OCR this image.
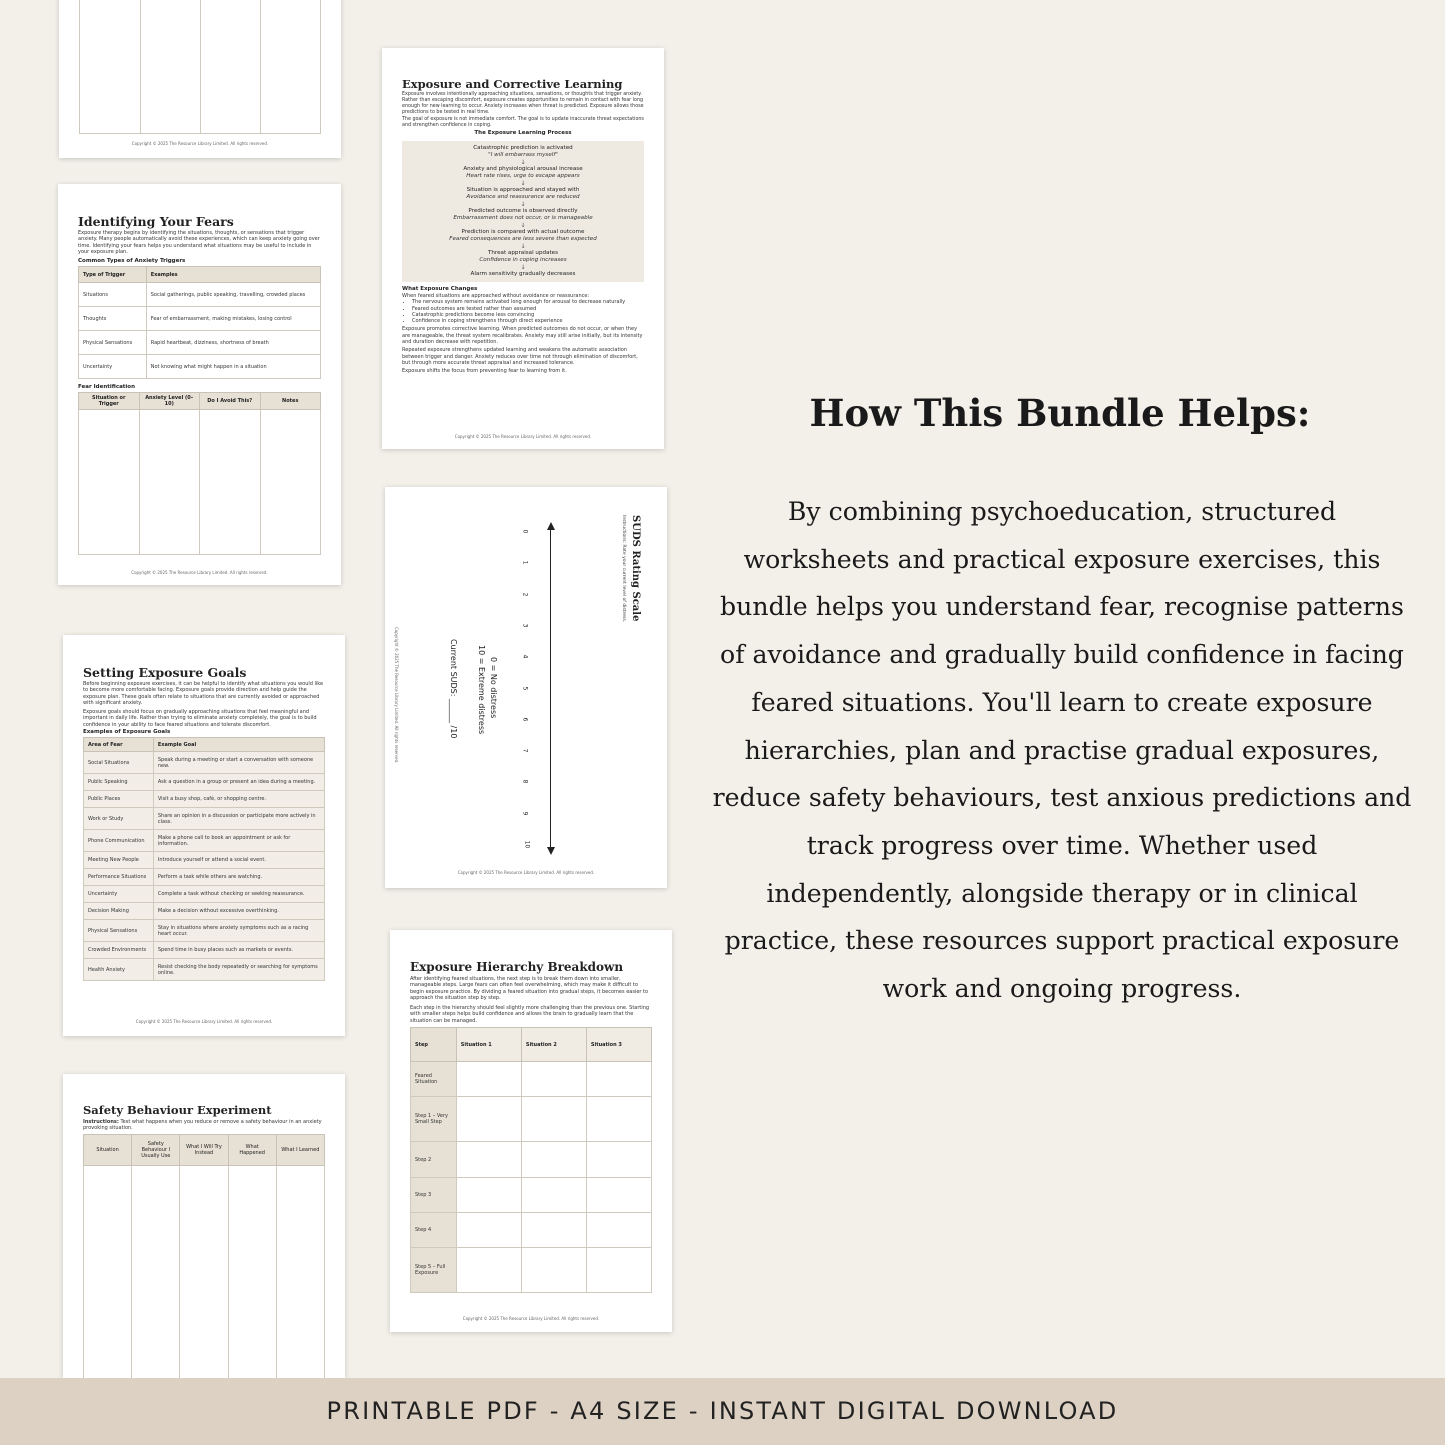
Copyright © 2025 The Resource Library Limited. All rights reserved.
Identifying Your Fears
Exposure therapy begins by identifying the situations, thoughts, or sensations that trigger anxiety. Many people automatically avoid these experiences, which can keep anxiety going over time. Identifying your fears helps you understand what situations may be useful to include in your exposure plan.
Common Types of Anxiety Triggers
Type of Trigger	Examples
Situations	Social gatherings, public speaking, travelling, crowded places
Thoughts	Fear of embarrassment, making mistakes, losing control
Physical Sensations	Rapid heartbeat, dizziness, shortness of breath
Uncertainty	Not knowing what might happen in a situation
Fear Identification
Situation or Trigger	Anxiety Level (0–10)	Do I Avoid This?	Notes

Copyright © 2025 The Resource Library Limited. All rights reserved.
Setting Exposure Goals
Before beginning exposure exercises, it can be helpful to identify what situations you would like to become more comfortable facing. Exposure goals provide direction and help guide the exposure plan. These goals often relate to situations that are currently avoided or approached with significant anxiety.
Exposure goals should focus on gradually approaching situations that feel meaningful and important in daily life. Rather than trying to eliminate anxiety completely, the goal is to build confidence in your ability to face feared situations and tolerate discomfort.
Examples of Exposure Goals
Area of Fear	Example Goal
Social Situations	Speak during a meeting or start a conversation with someone new.
Public Speaking	Ask a question in a group or present an idea during a meeting.
Public Places	Visit a busy shop, café, or shopping centre.
Work or Study	Share an opinion in a discussion or participate more actively in class.
Phone Communication	Make a phone call to book an appointment or ask for information.
Meeting New People	Introduce yourself or attend a social event.
Performance Situations	Perform a task while others are watching.
Uncertainty	Complete a task without checking or seeking reassurance.
Decision Making	Make a decision without excessive overthinking.
Physical Sensations	Stay in situations where anxiety symptoms such as a racing heart occur.
Crowded Environments	Spend time in busy places such as markets or events.
Health Anxiety	Resist checking the body repeatedly or searching for symptoms online.
Copyright © 2025 The Resource Library Limited. All rights reserved.
Safety Behaviour Experiment
Instructions: Test what happens when you reduce or remove a safety behaviour in an anxiety provoking situation.
Situation	Safety Behaviour I Usually Use	What I Will Try Instead	What Happened	What I Learned

Exposure and Corrective Learning
Exposure involves intentionally approaching situations, sensations, or thoughts that trigger anxiety. Rather than escaping discomfort, exposure creates opportunities to remain in contact with fear long enough for new learning to occur. Anxiety increases when threat is predicted. Exposure allows those predictions to be tested in real time.
The goal of exposure is not immediate comfort. The goal is to update inaccurate threat expectations and strengthen confidence in coping.
The Exposure Learning Process
Catastrophic prediction is activated
"I will embarrass myself"
↓
Anxiety and physiological arousal increase
Heart rate rises, urge to escape appears
↓
Situation is approached and stayed with
Avoidance and reassurance are reduced
↓
Predicted outcome is observed directly
Embarrassment does not occur, or is manageable
↓
Prediction is compared with actual outcome
Feared consequences are less severe than expected
↓
Threat appraisal updates
Confidence in coping increases
↓
Alarm sensitivity gradually decreases
What Exposure Changes
When feared situations are approached without avoidance or reassurance:
• The nervous system remains activated long enough for arousal to decrease naturally
• Feared outcomes are tested rather than assumed
• Catastrophic predictions become less convincing
• Confidence in coping strengthens through direct experience
Exposure promotes corrective learning. When predicted outcomes do not occur, or when they are manageable, the threat system recalibrates. Anxiety may still arise initially, but its intensity and duration decrease with repetition.
Repeated exposure strengthens updated learning and weakens the automatic association between trigger and danger. Anxiety reduces over time not through elimination of discomfort, but through more accurate threat appraisal and increased tolerance.
Exposure shifts the focus from preventing fear to learning from it.
Copyright © 2025 The Resource Library Limited. All rights reserved.
SUDS Rating Scale
Instructions: Rate your current level of distress.
0
1
2
3
4
5
6
7
8
9
10
0 = No distress
10 = Extreme distress
Current SUDS: ______ /10
Copyright © 2025 The Resource Library Limited. All rights reserved.
Copyright © 2025 The Resource Library Limited. All rights reserved.
Exposure Hierarchy Breakdown
After identifying feared situations, the next step is to break them down into smaller, manageable steps. Large fears can often feel overwhelming, which may make it difficult to begin exposure practice. By dividing a feared situation into gradual steps, it becomes easier to approach the situation step by step.
Each step in the hierarchy should feel slightly more challenging than the previous one. Starting with smaller steps helps build confidence and allows the brain to gradually learn that the situation can be managed.
Step	Situation 1	Situation 2	Situation 3
Feared Situation			
Step 1 – Very Small Step			
Step 2			
Step 3			
Step 4			
Step 5 – Full Exposure			
Copyright © 2025 The Resource Library Limited. All rights reserved.
How This Bundle Helps:
By combining psychoeducation, structured worksheets and practical exposure exercises, this bundle helps you understand fear, recognise patterns of avoidance and gradually build confidence in facing feared situations. You'll learn to create exposure hierarchies, plan and practise gradual exposures, reduce safety behaviours, test anxious predictions and track progress over time. Whether used independently, alongside therapy or in clinical practice, these resources support practical exposure work and ongoing progress.
PRINTABLE PDF - A4 SIZE - INSTANT DIGITAL DOWNLOAD
